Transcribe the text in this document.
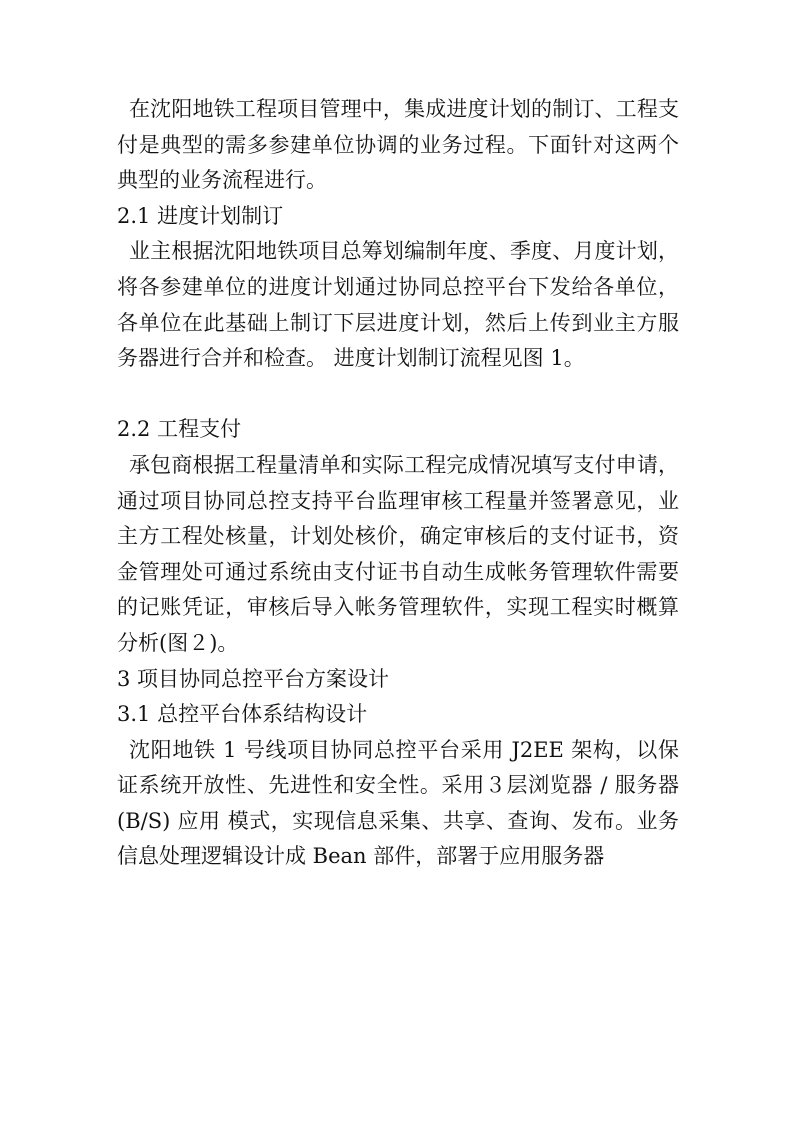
在沈阳地铁工程项目管理中，集成进度计划的制订、工程支付是典型的需多参建单位协调的业务过程。下面针对这两个典型的业务流程进行。

2.1 进度计划制订

业主根据沈阳地铁项目总筹划编制年度、季度、月度计划，将各参建单位的进度计划通过协同总控平台下发给各单位，各单位在此基础上制订下层进度计划，然后上传到业主方服务器进行合并和检查。 进度计划制订流程见图 1。

2.2 工程支付

承包商根据工程量清单和实际工程完成情况填写支付申请，通过项目协同总控支持平台监理审核工程量并签署意见，业主方工程处核量，计划处核价，确定审核后的支付证书，资金管理处可通过系统由支付证书自动生成帐务管理软件需要的记账凭证，审核后导入帐务管理软件，实现工程实时概算分析(图２)。

3 项目协同总控平台方案设计

3.1 总控平台体系结构设计

沈阳地铁 1 号线项目协同总控平台采用 J2EE 架构，以保证系统开放性、先进性和安全性。采用３层浏览器 / 服务器(B/S) 应用 模式，实现信息采集、共享、查询、发布。业务信息处理逻辑设计成 Bean 部件，部署于应用服务器
